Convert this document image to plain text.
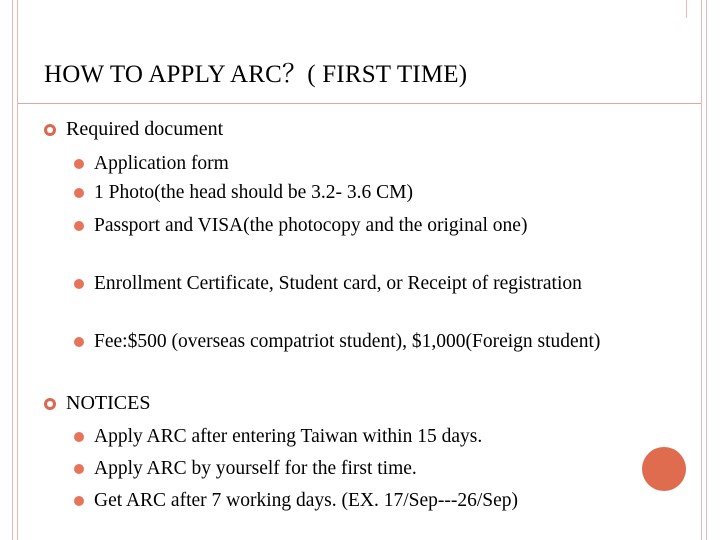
HOW TO APPLY ARC？( FIRST TIME)
Required document
Application form
1 Photo(the head should be 3.2- 3.6 CM)
Passport and VISA(the photocopy and the original one)
Enrollment Certificate, Student card, or Receipt of registration
Fee:$500 (overseas compatriot student), $1,000(Foreign student)
NOTICES
Apply ARC after entering Taiwan within 15 days.
Apply ARC by yourself for the first time.
Get ARC after 7 working days. (EX. 17/Sep---26/Sep)
